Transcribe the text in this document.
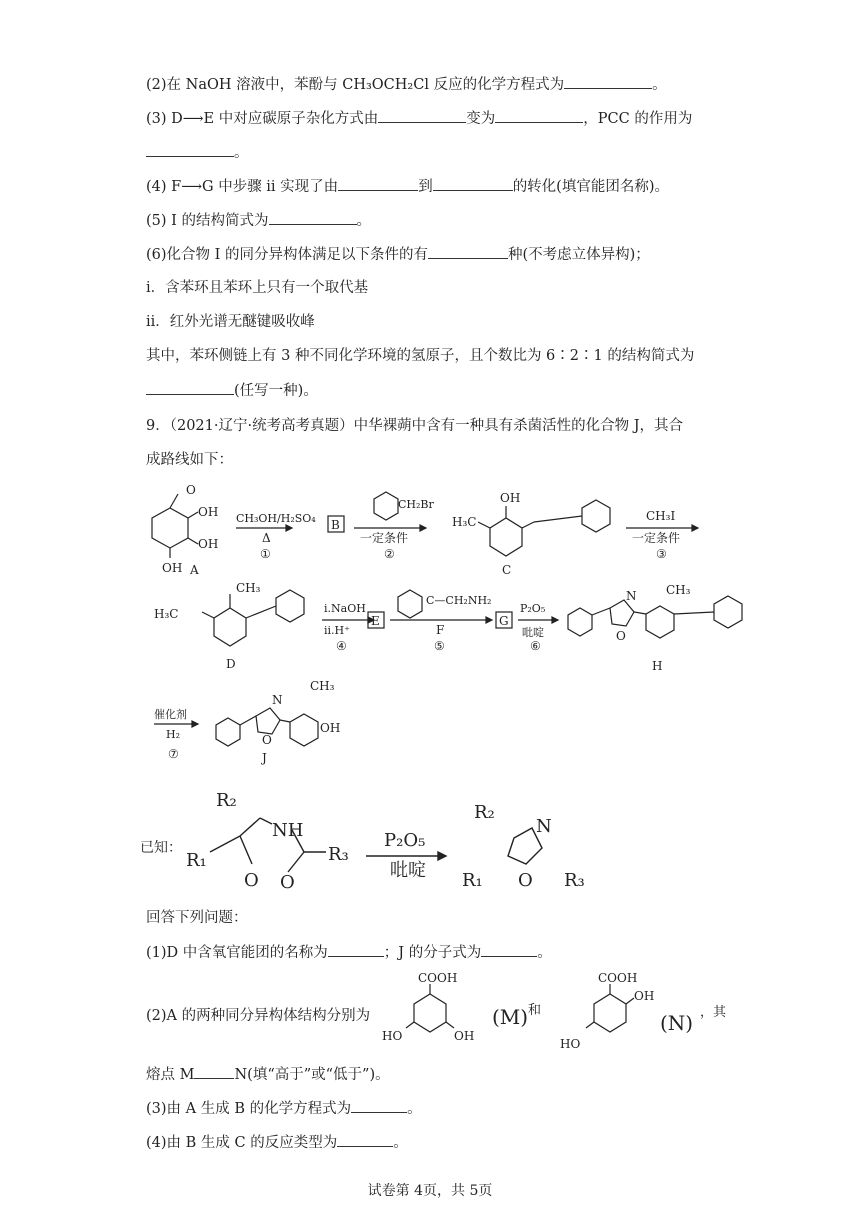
(2)在 NaOH 溶液中，苯酚与 CH₃OCH₂Cl 反应的化学方程式为	。
(3) D⟶E 中对应碳原子杂化方式由	变为	，PCC 的作用为
。
(4) F⟶G 中步骤 ii 实现了由	到	的转化(填官能团名称)。
(5) I 的结构简式为	。
(6)化合物 I 的同分异构体满足以下条件的有	种(不考虑立体异构)；
i．含苯环且苯环上只有一个取代基
ii．红外光谱无醚键吸收峰
其中，苯环侧链上有 3 种不同化学环境的氢原子，且个数比为 6∶2∶1 的结构简式为
(任写一种)。
9．（2021·辽宁·统考高考真题）中华裸蒴中含有一种具有杀菌活性的化合物 J，其合
成路线如下：
O
OH
OH
OH A
CH₃OH/H₂SO₄
Δ
①
B
CH₂Br
一定条件
②
H₃C
OH
C
CH₃I
一定条件
③
H₃C
CH₃
D
i.NaOH
ii.H⁺
④
E
C—CH₂NH₂
F
⑤
G
P₂O₅
吡啶
⑥
N
O
CH₃
H
催化剂
H₂
⑦
N
O
CH₃
OH
J
已知：
R₁
R₂
NH
O O
R₃
P₂O₅
吡啶
R₂
N
O
R₁	R₃
回答下列问题：
(1)D 中含氧官能团的名称为	；J 的分子式为	。
(2)A 的两种同分异构体结构分别为
COOH
HO	OH
(M) 和
COOH
OH
HO
(N) ，其
熔点 M	N(填“高于”或“低于”)。
(3)由 A 生成 B 的化学方程式为	。
(4)由 B 生成 C 的反应类型为	。
试卷第 4页，共 5页
